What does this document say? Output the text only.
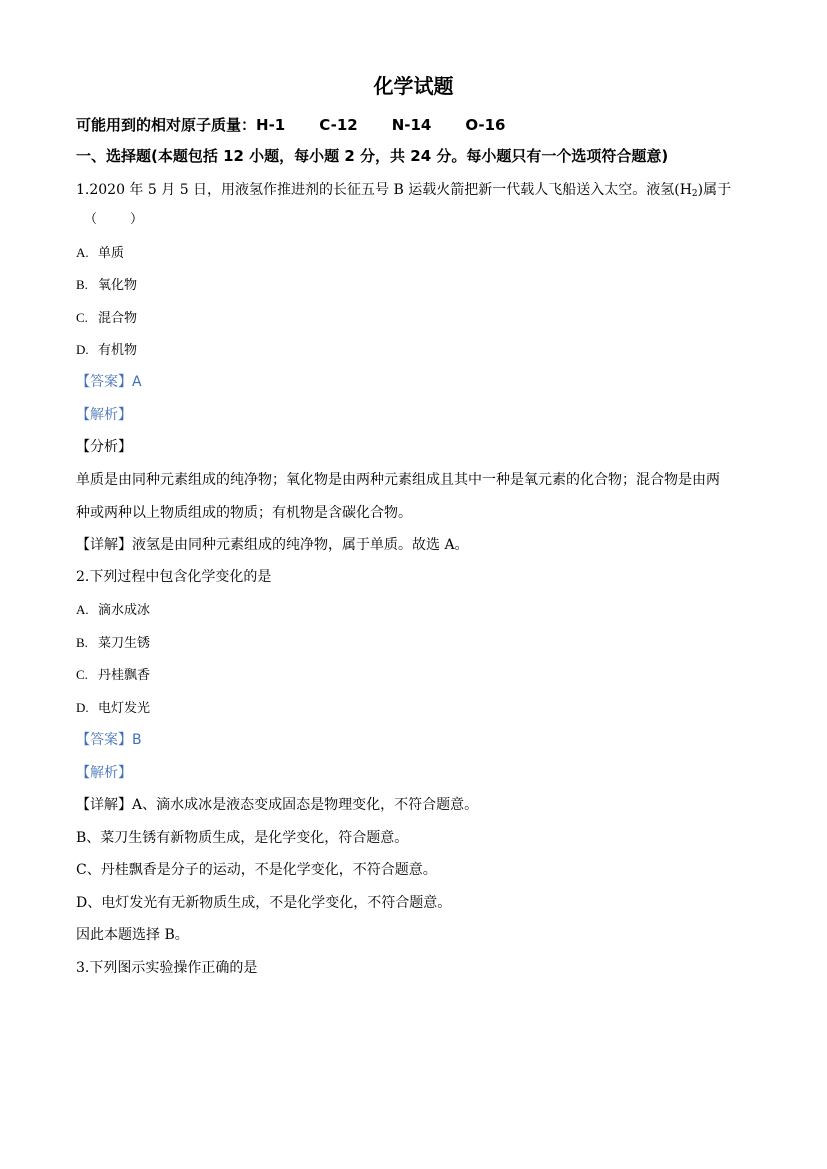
化学试题
可能用到的相对原子质量：H-1 C-12 N-14 O-16
一、选择题(本题包括 12 小题，每小题 2 分，共 24 分。每小题只有一个选项符合题意)
1.2020 年 5 月 5 日，用液氢作推进剂的长征五号 B 运载火箭把新一代载人飞船送入太空。液氢$(H_2)$属于
（        ）
A. 单质
B. 氧化物
C. 混合物
D. 有机物
【答案】A
【解析】
【分析】
单质是由同种元素组成的纯净物；氧化物是由两种元素组成且其中一种是氧元素的化合物；混合物是由两
种或两种以上物质组成的物质；有机物是含碳化合物。
【详解】液氢是由同种元素组成的纯净物，属于单质。故选 A。
2.下列过程中包含化学变化的是
A. 滴水成冰
B. 菜刀生锈
C. 丹桂飘香
D. 电灯发光
【答案】B
【解析】
【详解】A、滴水成冰是液态变成固态是物理变化，不符合题意。
B、菜刀生锈有新物质生成，是化学变化，符合题意。
C、丹桂飘香是分子的运动，不是化学变化，不符合题意。
D、电灯发光有无新物质生成，不是化学变化，不符合题意。
因此本题选择 B。
3.下列图示实验操作正确的是
